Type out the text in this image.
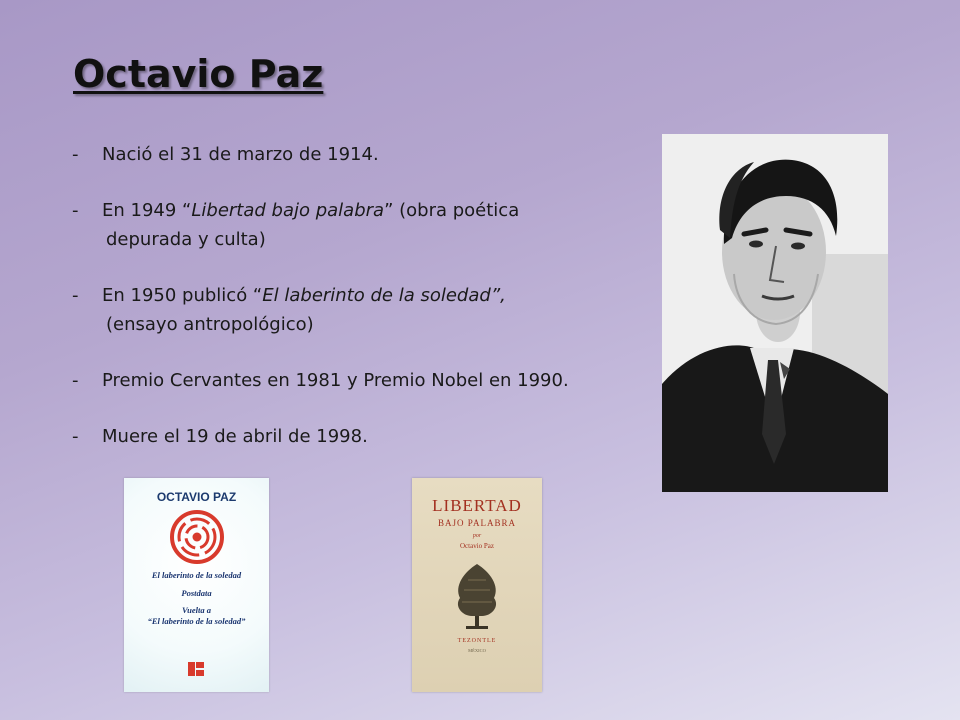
Octavio Paz
-	Nació el 31 de marzo de 1914.
-	En 1949 “Libertad bajo palabra” (obra poética
depurada y culta)
-	En 1950 publicó “El laberinto de la soledad”,
(ensayo antropológico)
-	Premio Cervantes en 1981 y Premio Nobel en 1990.
-	Muere el 19 de abril de 1998.
OCTAVIO PAZ
El laberinto de la soledad
Postdata
Vuelta a
“El laberinto de la soledad”
LIBERTAD
BAJO PALABRA
por
Octavio Paz
TEZONTLE
MÉXICO
